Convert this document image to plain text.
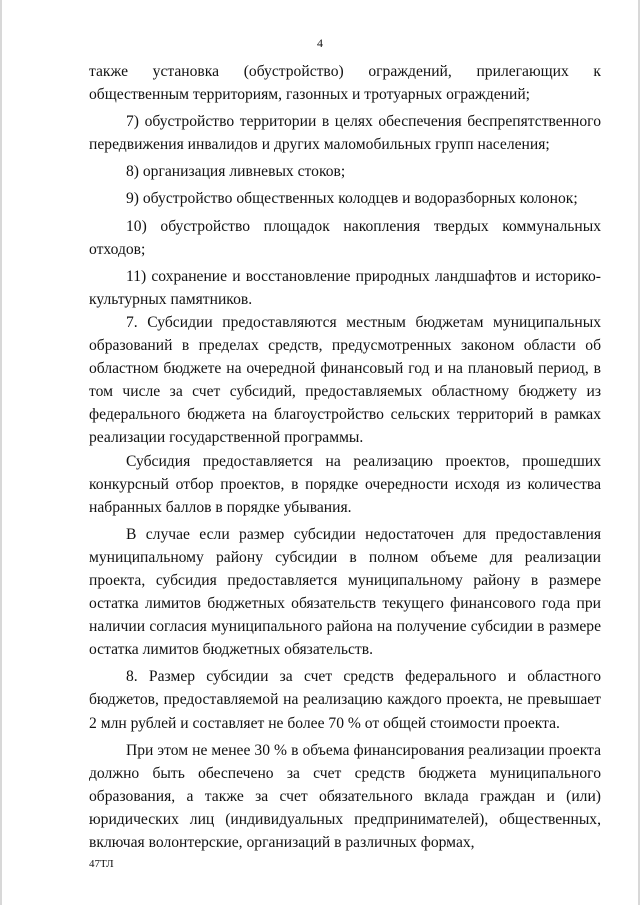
4

также установка (обустройство) ограждений, прилегающих к общественным территориям, газонных и тротуарных ограждений;

7) обустройство территории в целях обеспечения беспрепятственного передвижения инвалидов и других маломобильных групп населения;

8) организация ливневых стоков;

9) обустройство общественных колодцев и водоразборных колонок;

10) обустройство площадок накопления твердых коммунальных отходов;

11) сохранение и восстановление природных ландшафтов и историко-культурных памятников.

7. Субсидии предоставляются местным бюджетам муниципальных образований в пределах средств, предусмотренных законом области об областном бюджете на очередной финансовый год и на плановый период, в том числе за счет субсидий, предоставляемых областному бюджету из федерального бюджета на благоустройство сельских территорий в рамках реализации государственной программы.

Субсидия предоставляется на реализацию проектов, прошедших конкурсный отбор проектов, в порядке очередности исходя из количества набранных баллов в порядке убывания.

В случае если размер субсидии недостаточен для предоставления муниципальному району субсидии в полном объеме для реализации проекта, субсидия предоставляется муниципальному району в размере остатка лимитов бюджетных обязательств текущего финансового года при наличии согласия муниципального района на получение субсидии в размере остатка лимитов бюджетных обязательств.

8. Размер субсидии за счет средств федерального и областного бюджетов, предоставляемой на реализацию каждого проекта, не превышает 2 млн рублей и составляет не более 70 % от общей стоимости проекта.

При этом не менее 30 % в объема финансирования реализации проекта должно быть обеспечено за счет средств бюджета муниципального образования, а также за счет обязательного вклада граждан и (или) юридических лиц (индивидуальных предпринимателей), общественных, включая волонтерские, организаций в различных формах,

47ТЛ
